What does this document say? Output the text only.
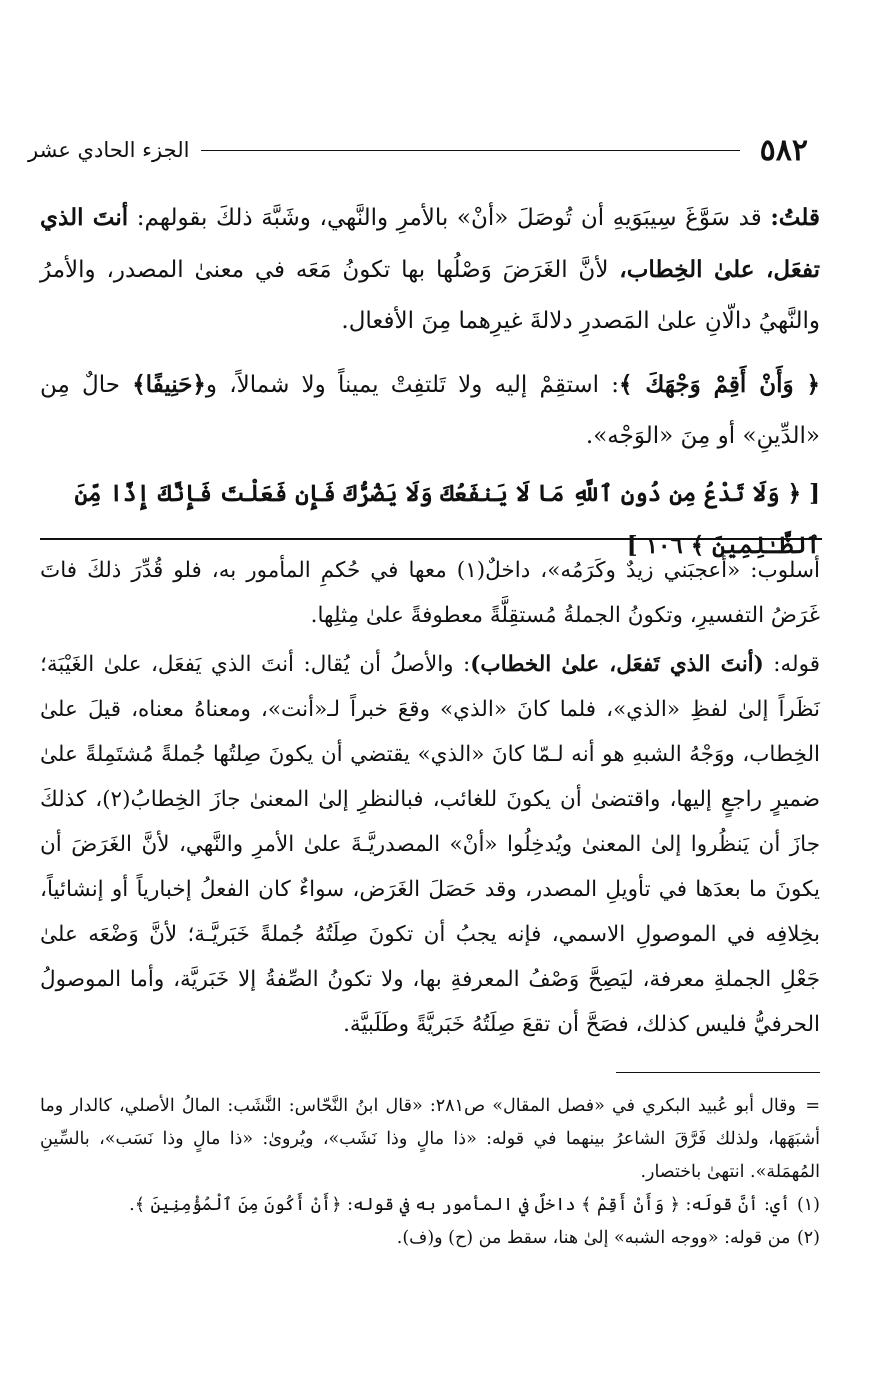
٥٨٢
الجزء الحادي عشر

قلتُ: قد سَوَّغَ سِيبَوَيهِ أن تُوصَلَ «أنْ» بالأمرِ والنَّهي، وشَبَّهَ ذلكَ بقولهم: أنتَ الذي تفعَل، علىٰ الخِطاب، لأنَّ الغَرَضَ وَصْلُها بها تكونُ مَعَه في معنىٰ المصدر، والأمرُ والنَّهيُ دالّانِ علىٰ المَصدرِ دلالةَ غيرِهما مِنَ الأفعال.

﴿ وَأَنْ أَقِمْ وَجْهَكَ ﴾: استقِمْ إليه ولا تَلتفِتْ يميناً ولا شمالاً، و﴿حَنِيفًا﴾ حالٌ مِن «الدِّينِ» أو مِنَ «الوَجْه».

[ ﴿ وَلَا تَدْعُ مِن دُونِ ٱللَّهِ مَا لَا يَنفَعُكَ وَلَا يَضُرُّكَ فَإِن فَعَلْتَ فَإِنَّكَ إِذًا مِّنَ ٱلظَّـٰلِمِينَ ﴾ ١٠٦ ]

أسلوب: «أعجبَني زيدٌ وكَرَمُه»، داخلٌ(١) معها في حُكمِ المأمور به، فلو قُدِّرَ ذلكَ فاتَ غَرَضُ التفسيرِ، وتكونُ الجملةُ مُستقِلَّةً معطوفةً علىٰ مِثلِها.

قوله: (أنتَ الذي تَفعَل، علىٰ الخطاب): والأصلُ أن يُقال: أنتَ الذي يَفعَل، علىٰ الغَيْبَة؛ نَظَراً إلىٰ لفظِ «الذي»، فلما كانَ «الذي» وقعَ خبراً لـ«أنت»، ومعناهُ معناه، قيلَ علىٰ الخِطاب، ووَجْهُ الشبهِ هو أنه لـمّا كانَ «الذي» يقتضي أن يكونَ صِلتُها جُملةً مُشتَمِلةً علىٰ ضميرٍ راجعٍ إليها، واقتضىٰ أن يكونَ للغائب، فبالنظرِ إلىٰ المعنىٰ جازَ الخِطابُ(٢)، كذلكَ جازَ أن يَنظُروا إلىٰ المعنىٰ ويُدخِلُوا «أنْ» المصدريَّـةَ علىٰ الأمرِ والنَّهي، لأنَّ الغَرَضَ أن يكونَ ما بعدَها في تأويلِ المصدر، وقد حَصَلَ الغَرَض، سواءٌ كان الفعلُ إخبارياً أو إنشائياً، بخِلافِه في الموصولِ الاسمي، فإنه يجبُ أن تكونَ صِلَتُهُ جُملةً خَبَريَّـة؛ لأنَّ وَضْعَه علىٰ جَعْلِ الجملةِ معرفة، ليَصِحَّ وَصْفُ المعرفةِ بها، ولا تكونُ الصِّفةُ إلا خَبَريَّة، وأما الموصولُ الحرفيُّ فليس كذلك، فصَحَّ أن تقعَ صِلَتُهُ خَبَريَّةً وطَلَبيَّة.

=وقال أبو عُبيد البكري في «فصل المقال» ص٢٨١: «قال ابنُ النَّحّاس: النَّشَب: المالُ الأصلي، كالدار وما أشبَهَها، ولذلك فَرَّقَ الشاعرُ بينهما في قوله: «ذا مالٍ وذا نَشَب»، ويُروىٰ: «ذا مالٍ وذا نَسَب»، بالسِّينِ المُهمَلة». انتهىٰ باختصار.

(١) أي: أنَّ قولَه: ﴿ وَأَنْ أَقِمْ ﴾ داخلٌ في المأمور به في قوله: ﴿أَنْ أَكُونَ مِنَ ٱلْمُؤْمِنِينَ ﴾.

(٢) من قوله: «ووجه الشبه» إلىٰ هنا، سقط من (ح) و(ف).
